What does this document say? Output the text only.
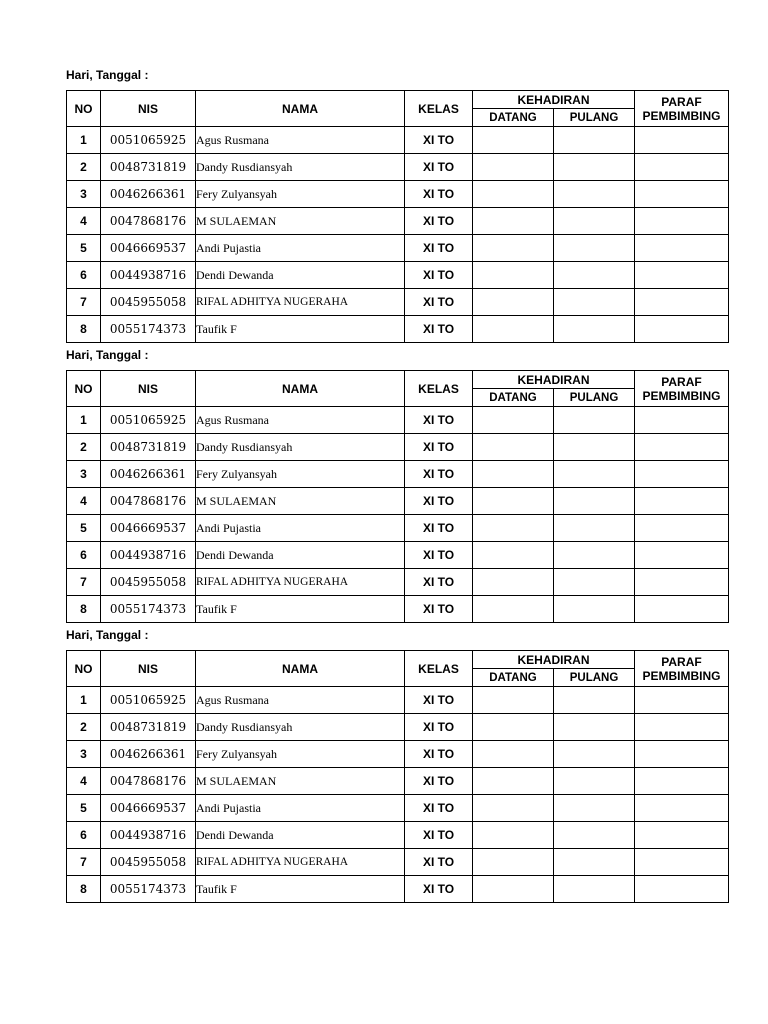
Hari, Tanggal :
NO	NIS	NAMA	KELAS	KEHADIRAN		PARAF
PEMBIMBING

				DATANG	PULANG	
1	0051065925	Agus Rusmana	XI TO			
2	0048731819	Dandy Rusdiansyah	XI TO			
3	0046266361	Fery Zulyansyah	XI TO			
4	0047868176	M SULAEMAN	XI TO			
5	0046669537	Andi Pujastia	XI TO			
6	0044938716	Dendi Dewanda	XI TO			
7	0045955058	RIFAL ADHITYA NUGERAHA	XI TO			
8	0055174373	Taufik F	XI TO			
Hari, Tanggal :
NO	NIS	NAMA	KELAS	KEHADIRAN		PARAF
PEMBIMBING

				DATANG	PULANG	
1	0051065925	Agus Rusmana	XI TO			
2	0048731819	Dandy Rusdiansyah	XI TO			
3	0046266361	Fery Zulyansyah	XI TO			
4	0047868176	M SULAEMAN	XI TO			
5	0046669537	Andi Pujastia	XI TO			
6	0044938716	Dendi Dewanda	XI TO			
7	0045955058	RIFAL ADHITYA NUGERAHA	XI TO			
8	0055174373	Taufik F	XI TO			
Hari, Tanggal :
NO	NIS	NAMA	KELAS	KEHADIRAN		PARAF
PEMBIMBING

				DATANG	PULANG	
1	0051065925	Agus Rusmana	XI TO			
2	0048731819	Dandy Rusdiansyah	XI TO			
3	0046266361	Fery Zulyansyah	XI TO			
4	0047868176	M SULAEMAN	XI TO			
5	0046669537	Andi Pujastia	XI TO			
6	0044938716	Dendi Dewanda	XI TO			
7	0045955058	RIFAL ADHITYA NUGERAHA	XI TO			
8	0055174373	Taufik F	XI TO			
